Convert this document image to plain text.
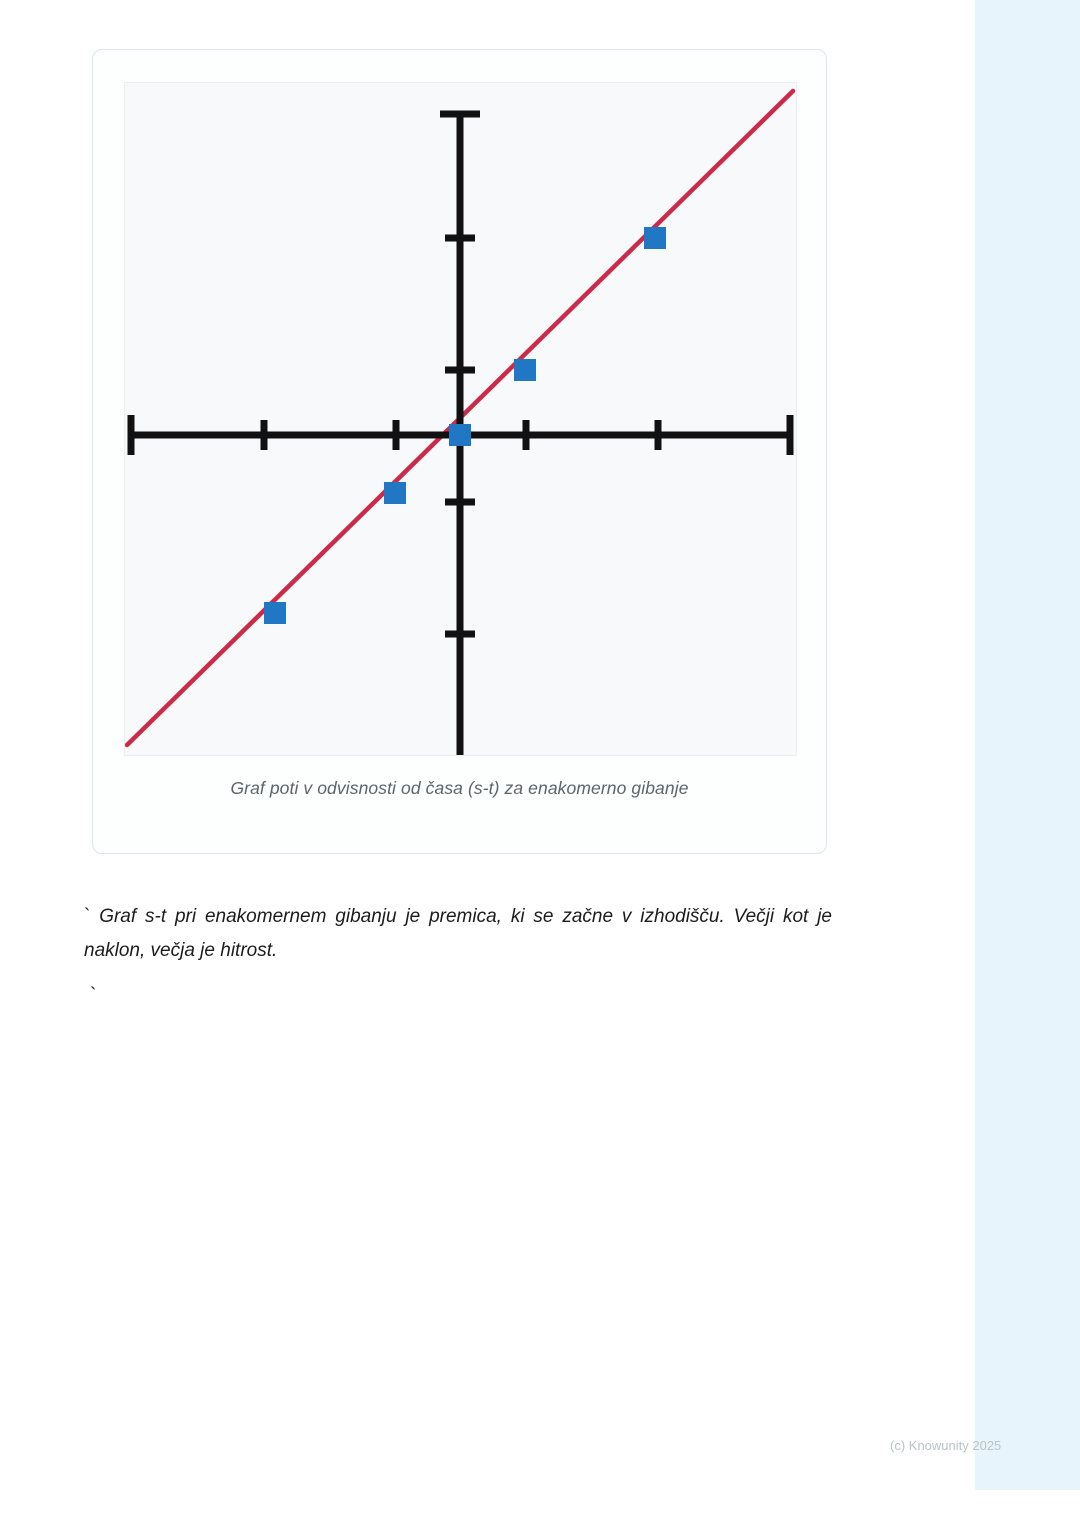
Graf poti v odvisnosti od časa (s-t) za enakomerno gibanje
` Graf s-t pri enakomernem gibanju je premica, ki se začne v izhodišču. Večji kot je naklon, večja je hitrost.
`
(c) Knowunity 2025
